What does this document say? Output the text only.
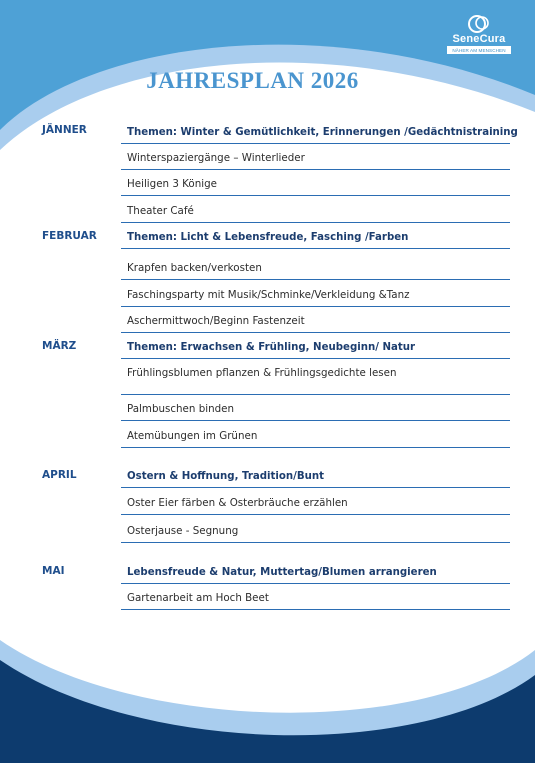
SeneCura
NÄHER AM MENSCHEN
JAHRESPLAN 2026
JÄNNER	Themen: Winter & Gemütlichkeit, Erinnerungen /Gedächtnistraining
Winterspaziergänge – Winterlieder
Heiligen 3 Könige
Theater Café
FEBRUAR	Themen: Licht & Lebensfreude, Fasching /Farben
Krapfen backen/verkosten
Faschingsparty mit Musik/Schminke/Verkleidung &Tanz
Aschermittwoch/Beginn Fastenzeit
MÄRZ	Themen: Erwachsen & Frühling, Neubeginn/ Natur
Frühlingsblumen pflanzen & Frühlingsgedichte lesen
Palmbuschen binden
Atemübungen im Grünen
APRIL	Ostern & Hoffnung, Tradition/Bunt
Oster Eier färben & Osterbräuche erzählen
Osterjause - Segnung
MAI	Lebensfreude & Natur, Muttertag/Blumen arrangieren
Gartenarbeit am Hoch Beet
